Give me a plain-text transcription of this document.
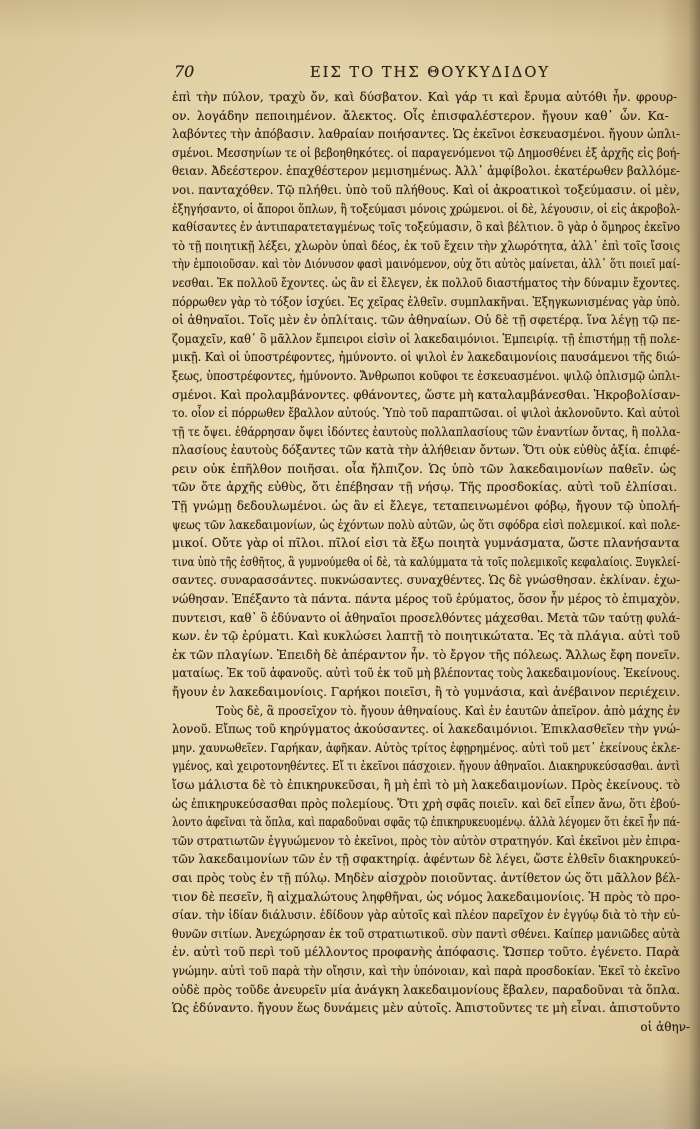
70	ΕΙΣ ΤΟ ΤΗΣ ΘΟΥΚΥΔΙΔΟΥ
ἐπὶ τὴν πύλον, τραχὺ ὄν, καὶ δύσβατον. Καὶ γάρ τι καὶ ἔρυμα αὐτόθι ἦν. φρουρ-
ον. λογάδην πεποιημένον. ἄλεκτος. Οἷς ἐπισφαλέστερον. ἤγουν καθ᾽ ὧν. Κα-
λαβόντες τὴν ἀπόβασιν. λαθραίαν ποιήσαντες. Ὡς ἐκεῖνοι ἐσκευασμένοι. ἤγουν ὡπλι-
σμένοι. Μεσσηνίων τε οἱ βεβοηθηκότες. οἱ παραγενόμενοι τῷ Δημοσθένει ἐξ ἀρχῆς εἰς βοή-
θειαν. Ἀδεέστερον. ἐπαχθέστερον μεμισημένως. Ἀλλ᾽ ἀμφίβολοι. ἑκατέρωθεν βαλλόμε-
νοι. πανταχόθεν. Τῷ πλήθει. ὑπὸ τοῦ πλήθους. Καὶ οἱ ἀκροατικοὶ τοξεύμασιν. οἱ μὲν,
ἐξηγήσαντο, οἱ ἄποροι ὅπλων, ἢ τοξεύμασι μόνοις χρώμενοι. οἱ δὲ, λέγουσιν, οἱ εἰς ἀκροβολ-
καθίσαντες ἐν ἀντιπαρατεταγμένως τοῖς τοξεύμασιν, ὃ καὶ βέλτιον. ὃ γὰρ ὁ ὅμηρος ἐκεῖνο
τὸ τῇ ποιητικῇ λέξει, χλωρὸν ὑπαὶ δέος, ἐκ τοῦ ἔχειν τὴν χλωρότητα, ἀλλ᾽ ἐπὶ τοῖς ἴσοις
τὴν ἐμποιοῦσαν. καὶ τὸν Διόνυσον φασὶ μαινόμενον, οὐχ ὅτι αὐτὸς μαίνεται, ἀλλ᾽ ὅτι ποιεῖ μαί-
νεσθαι. Ἐκ πολλοῦ ἔχοντες. ὡς ἂν εἰ ἔλεγεν, ἐκ πολλοῦ διαστήματος τὴν δύναμιν ἔχοντες.
πόρρωθεν γὰρ τὸ τόξον ἰσχύει. Ἐς χεῖρας ἐλθεῖν. συμπλακῆναι. Ἐξηγκωνισμένας γὰρ ὑπὸ.
οἱ ἀθηναῖοι. Τοῖς μὲν ἐν ὁπλίταις. τῶν ἀθηναίων. Οὐ δὲ τῇ σφετέρᾳ. ἵνα λέγῃ τῷ πε-
ζομαχεῖν, καθ᾽ ὃ μᾶλλον ἔμπειροι εἰσὶν οἱ λακεδαιμόνιοι. Ἐμπειρίᾳ. τῇ ἐπιστήμῃ τῇ πολε-
μικῇ. Καὶ οἱ ὑποστρέφοντες, ἠμύνοντο. οἱ ψιλοὶ ἐν λακεδαιμονίοις παυσάμενοι τῆς διώ-
ξεως, ὑποστρέφοντες, ἠμύνοντο. Ἄνθρωποι κοῦφοι τε ἐσκευασμένοι. ψιλῷ ὁπλισμῷ ὡπλι-
σμένοι. Καὶ προλαμβάνοντες. φθάνοντες, ὥστε μὴ καταλαμβάνεσθαι. Ἠκροβολίσαν-
το. οἷον εἰ πόρρωθεν ἔβαλλον αὐτούς. Ὑπὸ τοῦ παραπτῶσαι. οἱ ψιλοὶ ἀκλονοῦντο. Καὶ αὐτοὶ
τῇ τε ὄψει. ἐθάρρησαν ὄψει ἰδόντες ἑαυτοὺς πολλαπλασίους τῶν ἐναντίων ὄντας, ἢ πολλα-
πλασίους ἑαυτοὺς δόξαντες τῶν κατὰ τὴν ἀλήθειαν ὄντων. Ὅτι οὐκ εὐθὺς ἀξία. ἐπιφέ-
ρειν οὐκ ἐπῆλθον ποιῆσαι. οἷα ἤλπιζον. Ὡς ὑπὸ τῶν λακεδαιμονίων παθεῖν. ὡς
τῶν ὅτε ἀρχῆς εὐθὺς, ὅτι ἐπέβησαν τῇ νήσῳ. Τῆς προσδοκίας. αὐτὶ τοῦ ἐλπίσαι.
Τῇ γνώμῃ δεδουλωμένοι. ὡς ἂν εἰ ἔλεγε, τεταπεινωμένοι φόβῳ, ἤγουν τῷ ὑπολή-
ψεως τῶν λακεδαιμονίων, ὡς ἐχόντων πολὺ αὐτῶν, ὡς ὅτι σφόδρα εἰσὶ πολεμικοί. καὶ πολε-
μικοί. Οὔτε γὰρ οἱ πῖλοι. πῖλοί εἰσι τὰ ἔξω ποιητὰ γυμνάσματα, ὥστε πλανήσαντα
τινα ὑπὸ τῆς ἐσθῆτος, ἃ γυμνούμεθα οἱ δὲ, τὰ καλύμματα τὰ τοῖς πολεμικοῖς κεφαλαίοις. Ξυγκλεί-
σαντες. συναρασσάντες. πυκνώσαντες. συναχθέντες. Ὡς δὲ γνώσθησαν. ἐκλίναν. ἐχω-
νώθησαν. Ἐπέξαντο τὰ πάντα. πάντα μέρος τοῦ ἐρύματος, ὅσον ἦν μέρος τὸ ἐπιμαχὸν.
πυντεισι, καθ᾽ ὃ ἐδύναντο οἱ ἀθηναῖοι προσελθόντες μάχεσθαι. Μετὰ τῶν ταύτῃ φυλά-
κων. ἐν τῷ ἐρύματι. Καὶ κυκλώσει λαπτῇ τὸ ποιητικώτατα. Ἐς τὰ πλάγια. αὐτὶ τοῦ
ἐκ τῶν πλαγίων. Ἐπειδὴ δὲ ἀπέραντον ἦν. τὸ ἔργον τῆς πόλεως. Ἄλλως ἔφη πονεῖν.
ματαίως. Ἐκ τοῦ ἀφανοῦς. αὐτὶ τοῦ ἐκ τοῦ μὴ βλέποντας τοὺς λακεδαιμονίους. Ἐκείνους.
ἤγουν ἐν λακεδαιμονίοις. Γαρήκοι ποιεῖσι, ἢ τὸ γυμνάσια, καὶ ἀνέβαινον περιέχειν.
Τοὺς δὲ, ἃ προσεῖχον τὸ. ἤγουν ἀθηναίους. Καὶ ἐν ἑαυτῶν ἀπεῖρον. ἀπὸ μάχης ἐν
λονοῦ. Εἴπως τοῦ κηρύγματος ἀκούσαντες. οἱ λακεδαιμόνιοι. Ἐπικλασθεῖεν τὴν γνώ-
μην. χαυνωθεῖεν. Γαρήκαν, ἀφῆκαν. Αὐτὸς τρίτος ἐφῃρημένος. αὐτὶ τοῦ μετ᾽ ἐκείνους ἐκλε-
γμένος, καὶ χειροτονηθέντες. Εἴ τι ἐκεῖνοι πάσχοιεν. ἤγουν ἀθηναῖοι. Διακηρυκεύσασθαι. ἀντὶ
ἴσω μάλιστα δὲ τὸ ἐπικηρυκεῦσαι, ἢ μὴ ἐπὶ τὸ μὴ λακεδαιμονίων. Πρὸς ἐκείνους. τὸ
ὡς ἐπικηρυκεύσασθαι πρὸς πολεμίους. Ὅτι χρὴ σφᾶς ποιεῖν. καὶ δεῖ εἶπεν ἄνω, ὅτι ἐβού-
λοντο ἀφεῖναι τὰ ὅπλα, καὶ παραδοῦναι σφᾶς τῷ ἐπικηρυκευομένῳ. ἀλλὰ λέγομεν ὅτι ἐκεῖ ἦν πά-
τῶν στρατιωτῶν ἐγγυώμενον τὸ ἐκεῖνοι, πρὸς τὸν αὐτὸν στρατηγόν. Καὶ ἐκεῖνοι μὲν ἐπιρα-
τῶν λακεδαιμονίων τῶν ἐν τῇ σφακτηρίᾳ. ἀφέντων δὲ λέγει, ὥστε ἐλθεῖν διακηρυκεύ-
σαι πρὸς τοὺς ἐν τῇ πύλῳ. Μηδὲν αἰσχρὸν ποιοῦντας. ἀντίθετον ὡς ὅτι μᾶλλον βέλ-
τιον δὲ πεσεῖν, ἢ αἰχμαλώτους ληφθῆναι, ὡς νόμος λακεδαιμονίοις. Ἡ πρὸς τὸ προ-
σίαν. τὴν ἰδίαν διάλυσιν. ἐδίδουν γὰρ αὐτοῖς καὶ πλέον παρεῖχον ἐν ἐγγύῳ διὰ τὸ τὴν εὐ-
θυνῶν σιτίων. Ἀνεχώρησαν ἐκ τοῦ στρατιωτικοῦ. σὺν παντὶ σθένει. Καίπερ μανιῶδες αὐτὰ
ἐν. αὐτὶ τοῦ περὶ τοῦ μέλλοντος προφανὴς ἀπόφασις. Ὥσπερ τοῦτο. ἐγένετο. Παρὰ
γνώμην. αὐτὶ τοῦ παρὰ τὴν οἴησιν, καὶ τὴν ὑπόνοιαν, καὶ παρὰ προσδοκίαν. Ἐκεῖ τὸ ἐκεῖνο
οὐδὲ πρὸς τοῦδε ἀνευρεῖν μία ἀνάγκη λακεδαιμονίους ἔβαλεν, παραδοῦναι τὰ ὅπλα.
Ὡς ἐδύναντο. ἤγουν ἕως δυνάμεις μὲν αὐτοῖς. Ἀπιστοῦντες τε μὴ εἶναι. ἀπιστοῦντο
οἱ ἀθην-
